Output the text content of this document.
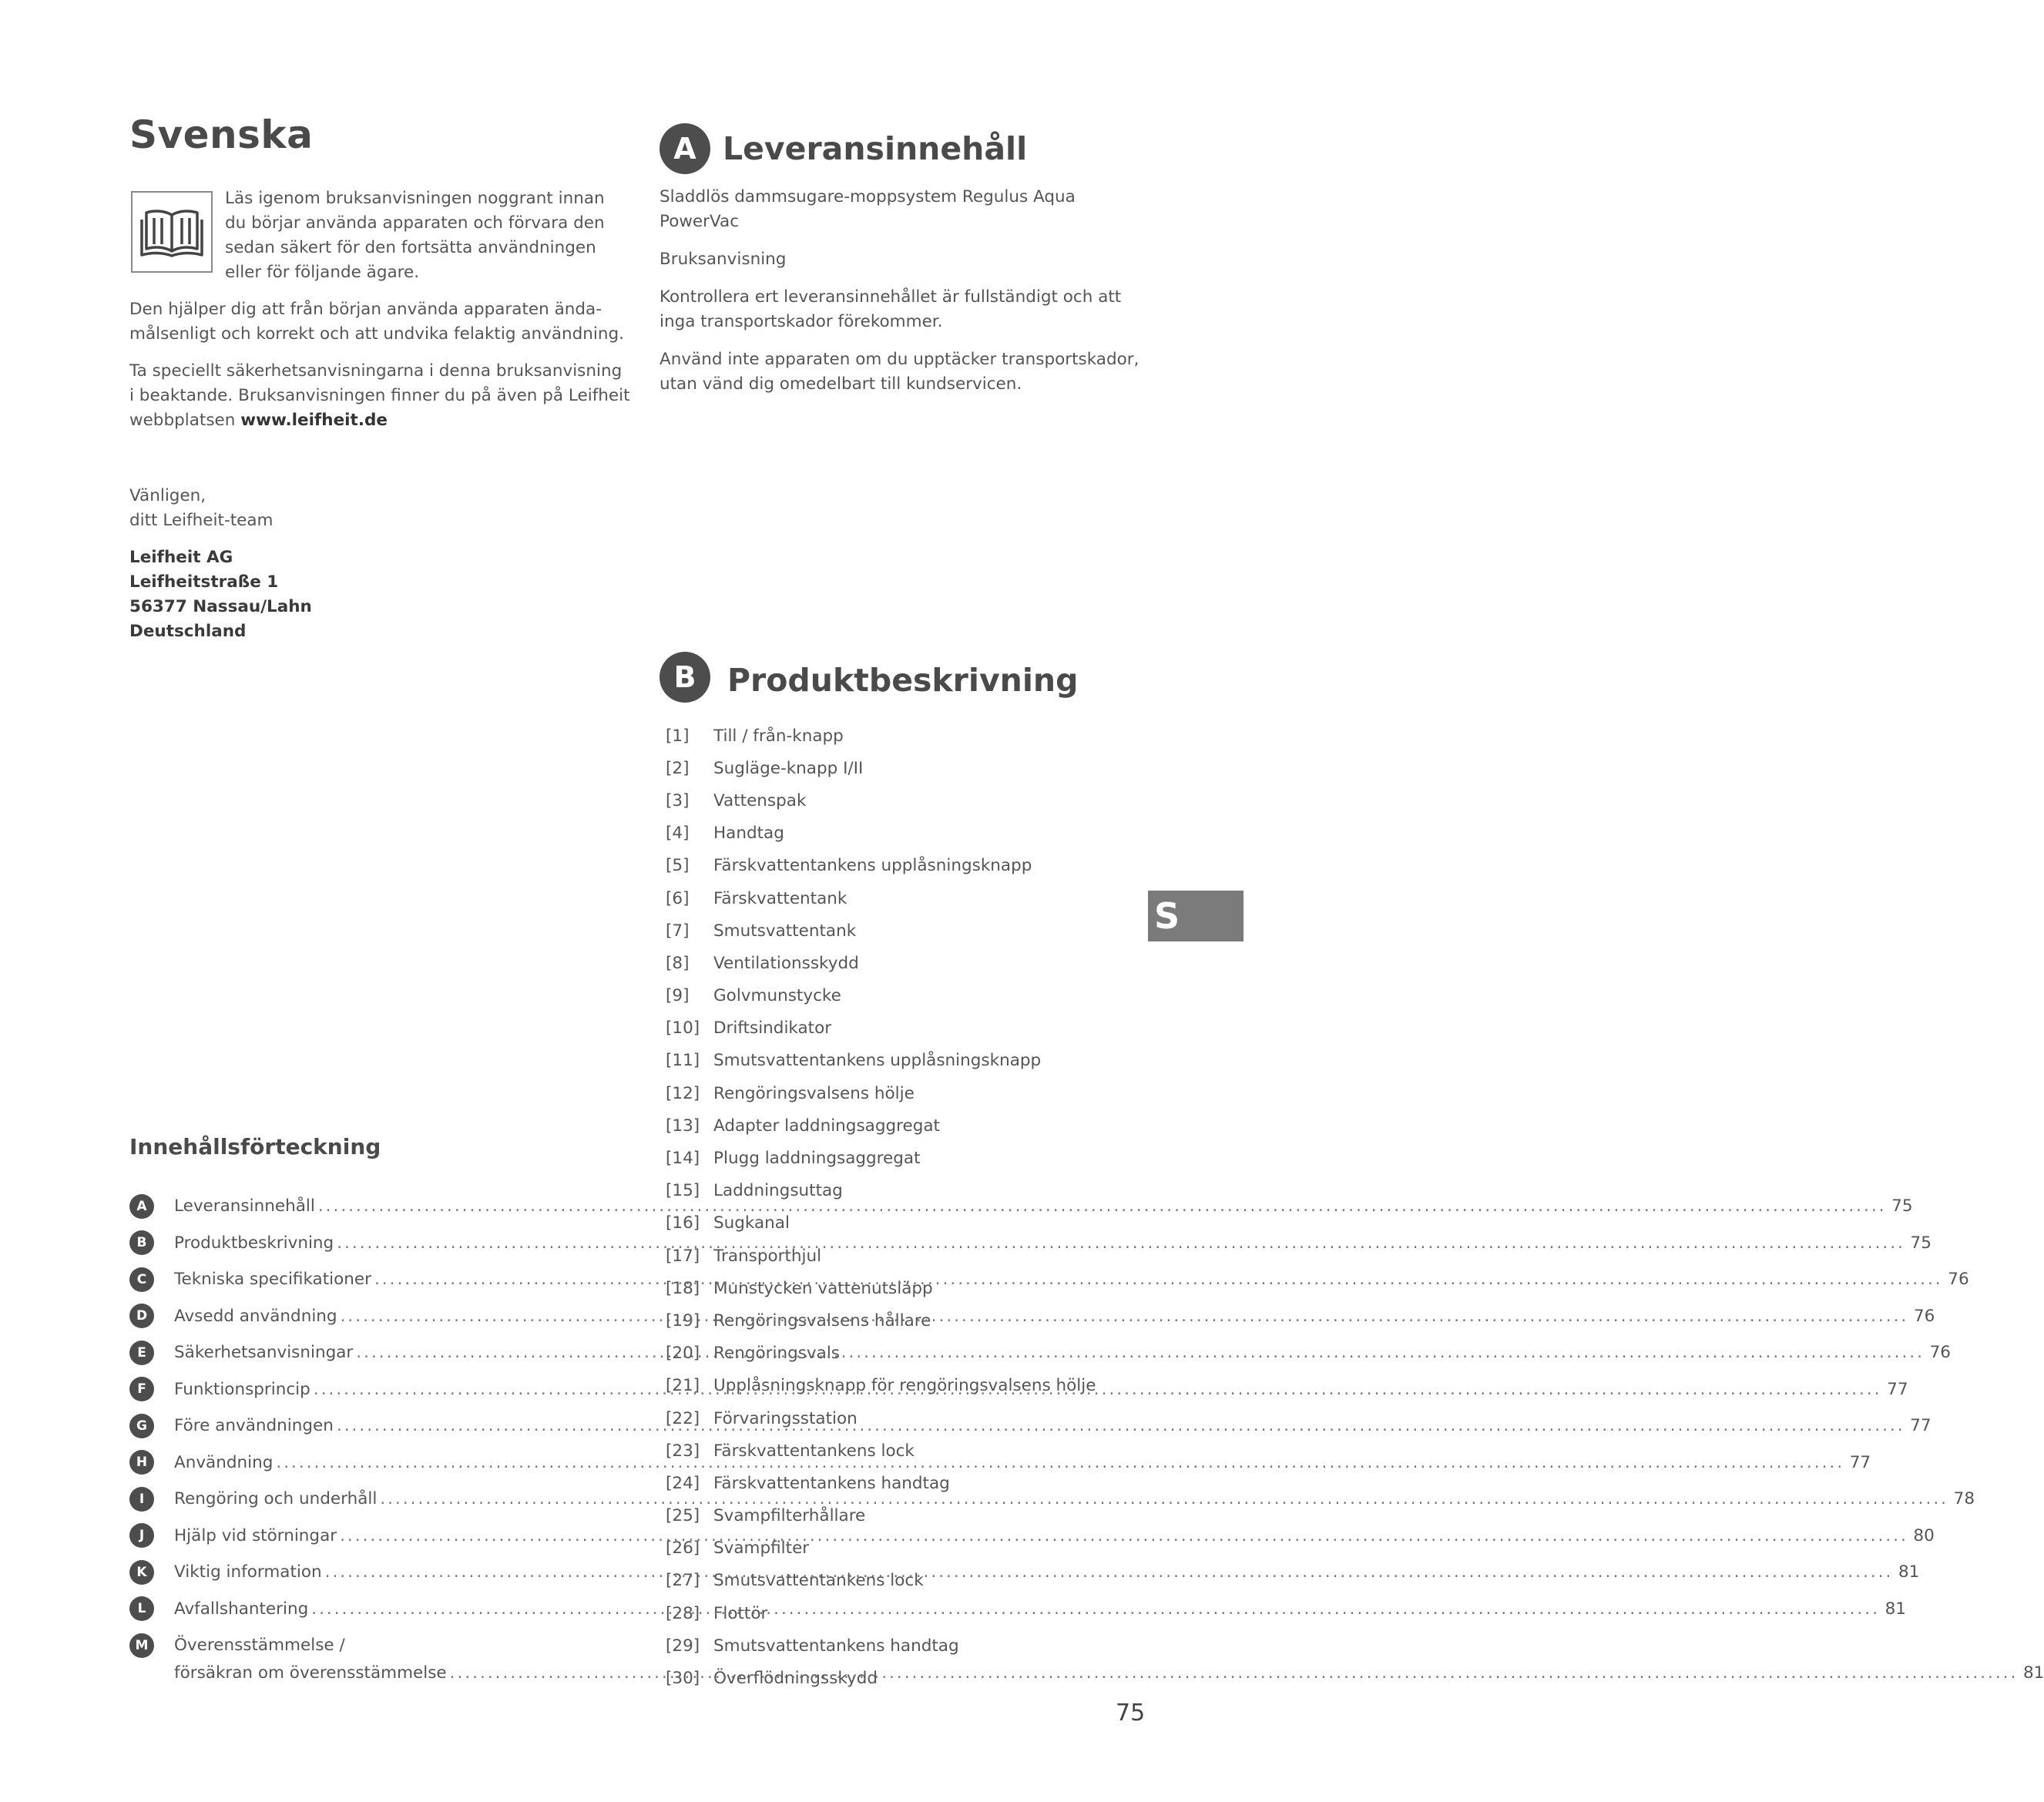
Svenska

Läs igenom bruksanvisningen noggrant innan du börjar använda apparaten och förvara den sedan säkert för den fortsätta användningen eller för följande ägare.

Den hjälper dig att från början använda apparaten ända-målsenligt och korrekt och att undvika felaktig användning.

Ta speciellt säkerhetsanvisningarna i denna bruksanvisning i beaktande. Bruksanvisningen finner du på även på Leifheit webbplatsen www.leifheit.de

Vänligen,
ditt Leifheit-team
Leifheit AG
Leifheitstraße 1
56377 Nassau/Lahn
Deutschland
A Leveransinnehåll

Sladdlös dammsugare-moppsystem Regulus Aqua PowerVac

Bruksanvisning

Kontrollera ert leveransinnehållet är fullständigt och att inga transportskador förekommer.

Använd inte apparaten om du upptäcker transportskador, utan vänd dig omedelbart till kundservicen.

B Produktbeskrivning
[1]	Till / från-knapp
[2]	Sugläge-knapp I/II
[3]	Vattenspak
[4]	Handtag
[5]	Färskvattentankens upplåsningsknapp
[6]	Färskvattentank
[7]	Smutsvattentank
[8]	Ventilationsskydd
[9]	Golvmunstycke
[10] Driftsindikator
[11] Smutsvattentankens upplåsningsknapp
[12] Rengöringsvalsens hölje
[13] Adapter laddningsaggregat
[14] Plugg laddningsaggregat
[15] Laddningsuttag
[16] Sugkanal
[17] Transporthjul
[18] Munstycken vattenutsläpp
[19] Rengöringsvalsens hållare
[20] Rengöringsvals
[21] Upplåsningsknapp för rengöringsvalsens hölje
[22] Förvaringsstation
[23] Färskvattentankens lock
[24] Färskvattentankens handtag
[25] Svampfilterhållare
[26] Svampfilter
[27] Smutsvattentankens lock
[28] Flottör
[29] Smutsvattentankens handtag
[30] Överflödningsskydd
Innehållsförteckning
A	Leveransinnehåll .....	75
B	Produktbeskrivning .....	75
C	Tekniska specifikationer .....	76
D	Avsedd användning .....	76
E	Säkerhetsanvisningar .....	76
F	Funktionsprincip .....	77
G	Före användningen .....	77
H	Användning .....	77
I	Rengöring och underhåll .....	78
J	Hjälp vid störningar .....	80
K	Viktig information .....	81
L	Avfallshantering .....	81
M	Överensstämmelse /
försäkran om överensstämmelse .....	81
S
75
